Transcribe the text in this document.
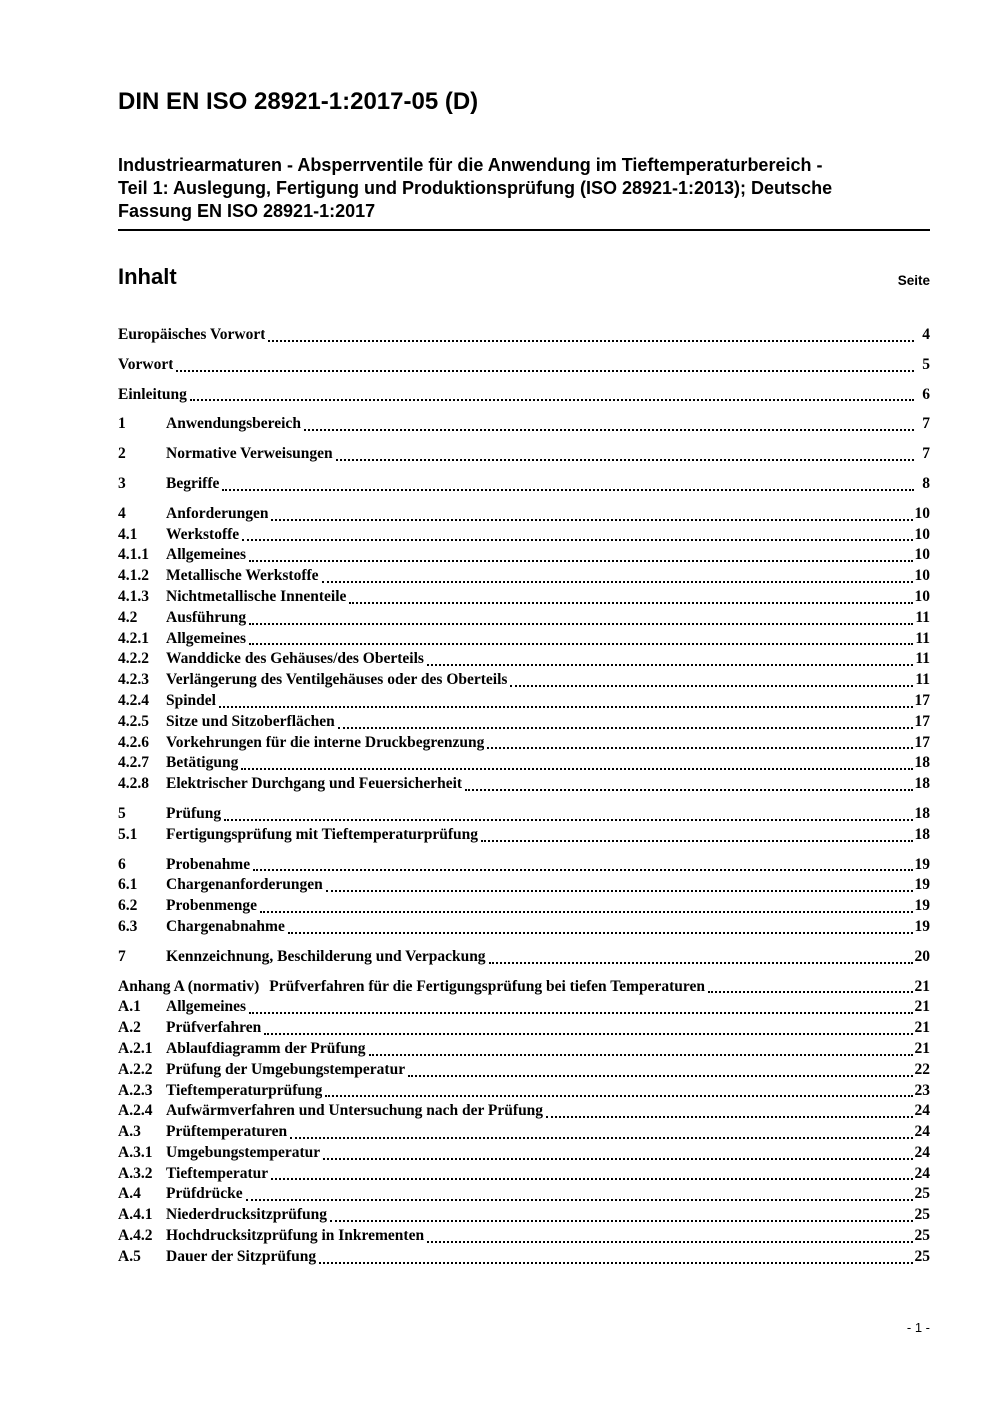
DIN EN ISO 28921-1:2017-05 (D)
Industriearmaturen - Absperrventile für die Anwendung im Tieftemperaturbereich -
Teil 1: Auslegung, Fertigung und Produktionsprüfung (ISO 28921-1:2013); Deutsche
Fassung EN ISO 28921-1:2017
Inhalt	Seite
Europäisches Vorwort	4
Vorwort	5
Einleitung	6
1	Anwendungsbereich	7
2	Normative Verweisungen	7
3	Begriffe	8
4	Anforderungen	10
4.1	Werkstoffe	10
4.1.1	Allgemeines	10
4.1.2	Metallische Werkstoffe	10
4.1.3	Nichtmetallische Innenteile	10
4.2	Ausführung	11
4.2.1	Allgemeines	11
4.2.2	Wanddicke des Gehäuses/des Oberteils	11
4.2.3	Verlängerung des Ventilgehäuses oder des Oberteils	11
4.2.4	Spindel	17
4.2.5	Sitze und Sitzoberflächen	17
4.2.6	Vorkehrungen für die interne Druckbegrenzung	17
4.2.7	Betätigung	18
4.2.8	Elektrischer Durchgang und Feuersicherheit	18
5	Prüfung	18
5.1	Fertigungsprüfung mit Tieftemperaturprüfung	18
6	Probenahme	19
6.1	Chargenanforderungen	19
6.2	Probenmenge	19
6.3	Chargenabnahme	19
7	Kennzeichnung, Beschilderung und Verpackung	20
Anhang A (normativ) Prüfverfahren für die Fertigungsprüfung bei tiefen Temperaturen	21
A.1	Allgemeines	21
A.2	Prüfverfahren	21
A.2.1 Ablaufdiagramm der Prüfung	21
A.2.2 Prüfung der Umgebungstemperatur	22
A.2.3 Tieftemperaturprüfung	23
A.2.4 Aufwärmverfahren und Untersuchung nach der Prüfung	24
A.3	Prüftemperaturen	24
A.3.1 Umgebungstemperatur	24
A.3.2 Tieftemperatur	24
A.4	Prüfdrücke	25
A.4.1 Niederdrucksitzprüfung	25
A.4.2 Hochdrucksitzprüfung in Inkrementen	25
A.5	Dauer der Sitzprüfung	25
- 1 -
